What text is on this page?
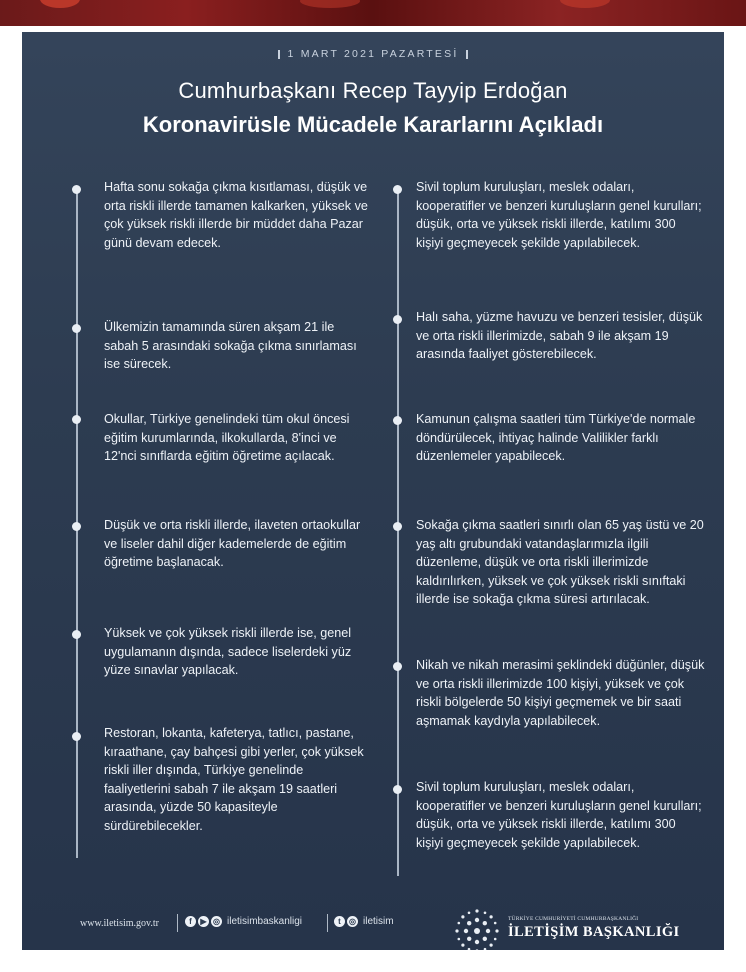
1 MART 2021 PAZARTESİ
Cumhurbaşkanı Recep Tayyip Erdoğan
Koronavirüsle Mücadele Kararlarını Açıkladı

Hafta sonu sokağa çıkma kısıtlaması, düşük ve orta riskli illerde tamamen kalkarken, yüksek ve çok yüksek riskli illerde bir müddet daha Pazar günü devam edecek.

Ülkemizin tamamında süren akşam 21 ile sabah 5 arasındaki sokağa çıkma sınırlaması ise sürecek.

Okullar, Türkiye genelindeki tüm okul öncesi eğitim kurumlarında, ilkokullarda, 8'inci ve 12'nci sınıflarda eğitim öğretime açılacak.

Düşük ve orta riskli illerde, ilaveten ortaokullar ve liseler dahil diğer kademelerde de eğitim öğretime başlanacak.

Yüksek ve çok yüksek riskli illerde ise, genel uygulamanın dışında, sadece liselerdeki yüz yüze sınavlar yapılacak.

Restoran, lokanta, kafeterya, tatlıcı, pastane, kıraathane, çay bahçesi gibi yerler, çok yüksek riskli iller dışında, Türkiye genelinde faaliyetlerini sabah 7 ile akşam 19 saatleri arasında, yüzde 50 kapasiteyle sürdürebilecekler.

Sivil toplum kuruluşları, meslek odaları, kooperatifler ve benzeri kuruluşların genel kurulları; düşük, orta ve yüksek riskli illerde, katılımı 300 kişiyi geçmeyecek şekilde yapılabilecek.

Halı saha, yüzme havuzu ve benzeri tesisler, düşük ve orta riskli illerimizde, sabah 9 ile akşam 19 arasında faaliyet gösterebilecek.

Kamunun çalışma saatleri tüm Türkiye'de normale döndürülecek, ihtiyaç halinde Valilikler farklı düzenlemeler yapabilecek.

Sokağa çıkma saatleri sınırlı olan 65 yaş üstü ve 20 yaş altı grubundaki vatandaşlarımızla ilgili düzenleme, düşük ve orta riskli illerimizde kaldırılırken, yüksek ve çok yüksek riskli sınıftaki illerde ise sokağa çıkma süresi artırılacak.

Nikah ve nikah merasimi şeklindeki düğünler, düşük ve orta riskli illerimizde 100 kişiyi, yüksek ve çok riskli bölgelerde 50 kişiyi geçmemek ve bir saati aşmamak kaydıyla yapılabilecek.

Sivil toplum kuruluşları, meslek odaları, kooperatifler ve benzeri kuruluşların genel kurulları; düşük, orta ve yüksek riskli illerde, katılımı 300 kişiyi geçmeyecek şekilde yapılabilecek.

www.iletisim.gov.tr	f	▶ ◎ iletisimbaskanligi	t	◎ iletisim	TÜRKİYE CUMHURİYETİ CUMHURBAŞKANLIĞI
İLETİŞİM BAŞKANLIĞI
